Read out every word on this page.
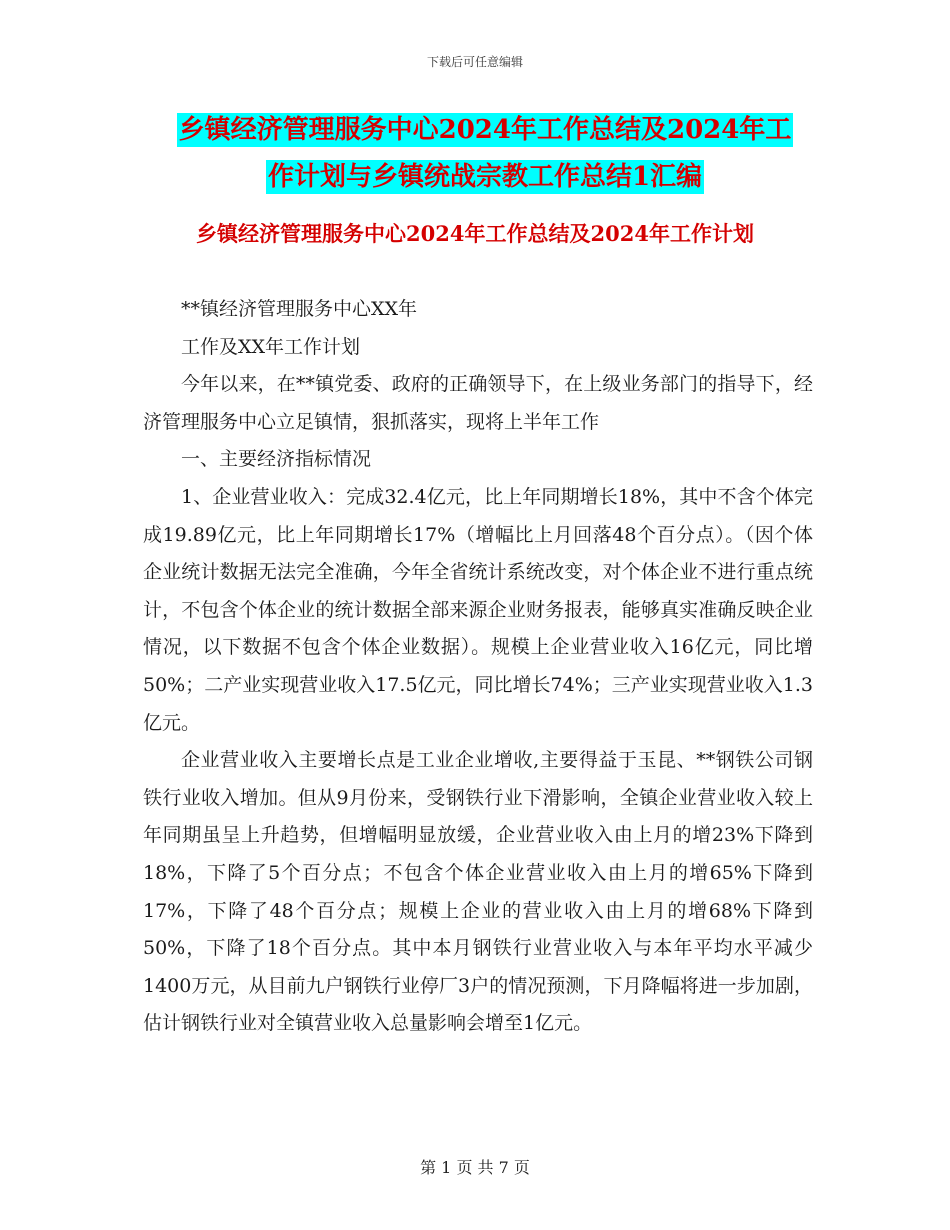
下载后可任意编辑
乡镇经济管理服务中心2024年工作总结及2024年工
作计划与乡镇统战宗教工作总结1汇编
乡镇经济管理服务中心2024年工作总结及2024年工作计划

**镇经济管理服务中心XX年

工作及XX年工作计划

今年以来，在**镇党委、政府的正确领导下，在上级业务部门的指导下，经济管理服务中心立足镇情，狠抓落实，现将上半年工作

一、主要经济指标情况

1、企业营业收入：完成32.4亿元，比上年同期增长18%，其中不含个体完成19.89亿元，比上年同期增长17%（增幅比上月回落48个百分点）。（因个体企业统计数据无法完全准确，今年全省统计系统改变，对个体企业不进行重点统计，不包含个体企业的统计数据全部来源企业财务报表，能够真实准确反映企业情况，以下数据不包含个体企业数据）。规模上企业营业收入16亿元，同比增50%；二产业实现营业收入17.5亿元，同比增长74%；三产业实现营业收入1.3亿元。

企业营业收入主要增长点是工业企业增收,主要得益于玉昆、**钢铁公司钢铁行业收入增加。但从9月份来，受钢铁行业下滑影响，全镇企业营业收入较上年同期虽呈上升趋势，但增幅明显放缓，企业营业收入由上月的增23%下降到18%，下降了5个百分点；不包含个体企业营业收入由上月的增65%下降到17%，下降了48个百分点；规模上企业的营业收入由上月的增68%下降到50%，下降了18个百分点。其中本月钢铁行业营业收入与本年平均水平减少1400万元，从目前九户钢铁行业停厂3户的情况预测，下月降幅将进一步加剧，估计钢铁行业对全镇营业收入总量影响会增至1亿元。

第 1 页 共 7 页
